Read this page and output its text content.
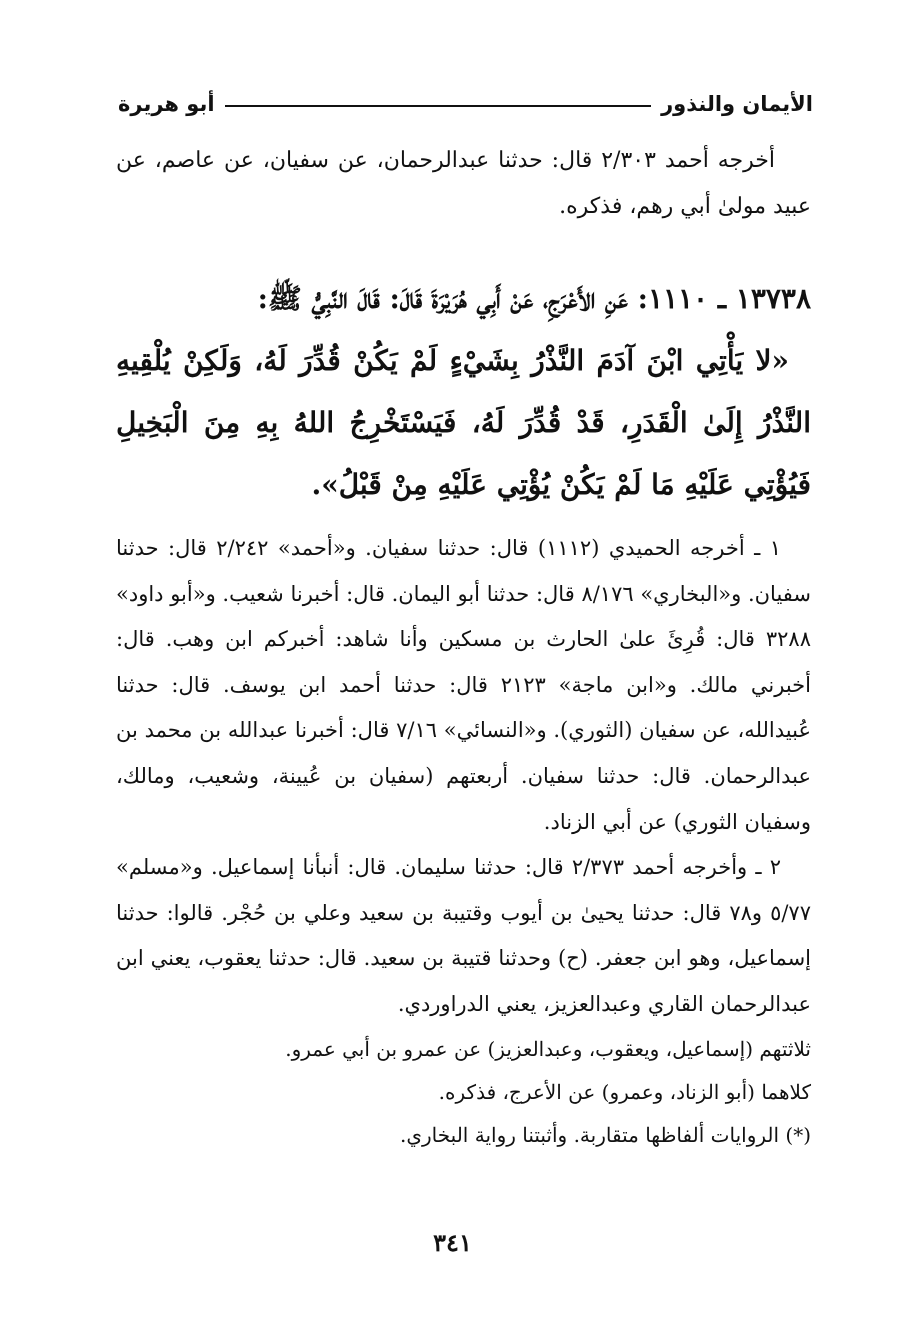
الأيمان والنذور
أبو هريرة

أخرجه أحمد ٢/٣٠٣ قال: حدثنا عبدالرحمان، عن سفيان، عن عاصم، عن عبيد مولىٰ أبي رهم، فذكره.

١٣٧٣٨ ـ ١١١٠: عَنِ الأَعْرَجِ، عَنْ أَبِي هُرَيْرَةَ قَالَ: قَالَ النَّبِيُّ ﷺ:

«لا يَأْتِي ابْنَ آدَمَ النَّذْرُ بِشَيْءٍ لَمْ يَكُنْ قُدِّرَ لَهُ، وَلَكِنْ يُلْقِيهِ النَّذْرُ إِلَىٰ الْقَدَرِ، قَدْ قُدِّرَ لَهُ، فَيَسْتَخْرِجُ اللهُ بِهِ مِنَ الْبَخِيلِ فَيُؤْتِي عَلَيْهِ مَا لَمْ يَكُنْ يُؤْتِي عَلَيْهِ مِنْ قَبْلُ».

١ ـ أخرجه الحميدي (١١١٢) قال: حدثنا سفيان. و«أحمد» ٢/٢٤٢ قال: حدثنا سفيان. و«البخاري» ٨/١٧٦ قال: حدثنا أبو اليمان. قال: أخبرنا شعيب. و«أبو داود» ٣٢٨٨ قال: قُرِئَ علىٰ الحارث بن مسكين وأنا شاهد: أخبركم ابن وهب. قال: أخبرني مالك. و«ابن ماجة» ٢١٢٣ قال: حدثنا أحمد ابن يوسف. قال: حدثنا عُبيدالله، عن سفيان (الثوري). و«النسائي» ٧/١٦ قال: أخبرنا عبدالله بن محمد بن عبدالرحمان. قال: حدثنا سفيان. أربعتهم (سفيان بن عُيينة، وشعيب، ومالك، وسفيان الثوري) عن أبي الزناد.

٢ ـ وأخرجه أحمد ٢/٣٧٣ قال: حدثنا سليمان. قال: أنبأنا إسماعيل. و«مسلم» ٥/٧٧ و٧٨ قال: حدثنا يحيىٰ بن أيوب وقتيبة بن سعيد وعلي بن حُجْر. قالوا: حدثنا إسماعيل، وهو ابن جعفر. (ح) وحدثنا قتيبة بن سعيد. قال: حدثنا يعقوب، يعني ابن عبدالرحمان القاري وعبدالعزيز، يعني الدراوردي.

ثلاثتهم (إسماعيل، ويعقوب، وعبدالعزيز) عن عمرو بن أبي عمرو.

كلاهما (أبو الزناد، وعمرو) عن الأعرج، فذكره.

(*) الروايات ألفاظها متقاربة. وأثبتنا رواية البخاري.

٣٤١
